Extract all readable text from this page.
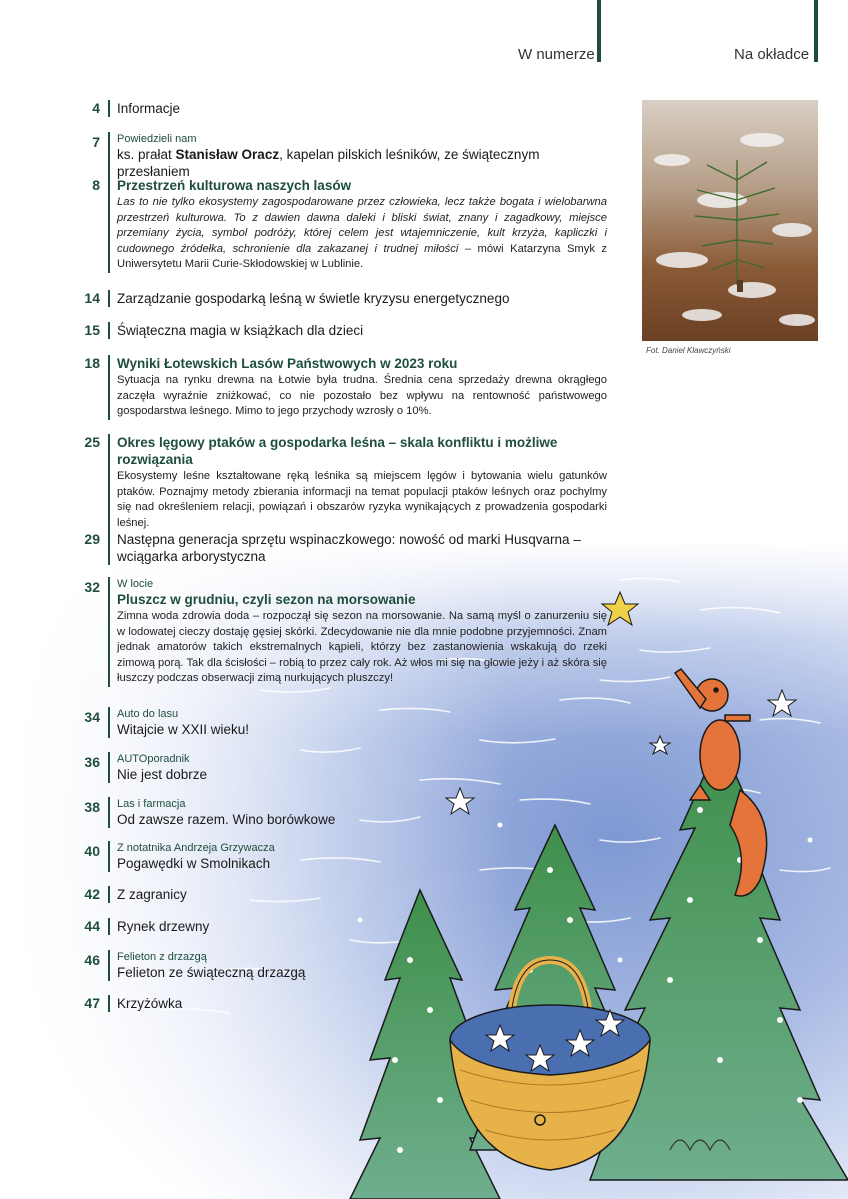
W numerze	Na okładce
Fot. Daniel Klawczyński
4 Informacje
7 Powiedzieli nam
ks. prałat Stanisław Oracz, kapelan pilskich leśników, ze świątecznym przesłaniem
8 Przestrzeń kulturowa naszych lasów
Las to nie tylko ekosystemy zagospodarowane przez człowieka, lecz także bogata i wielobarwna przestrzeń kulturowa. To z dawien dawna daleki i bliski świat, znany i zagadkowy, miejsce przemiany życia, symbol podróży, której celem jest wtajemniczenie, kult krzyża, kapliczki i cudownego źródełka, schronienie dla zakazanej i trudnej miłości – mówi Katarzyna Smyk z Uniwersytetu Marii Curie-Skłodowskiej w Lublinie.
14 Zarządzanie gospodarką leśną w świetle kryzysu energetycznego
15 Świąteczna magia w książkach dla dzieci
18 Wyniki Łotewskich Lasów Państwowych w 2023 roku
Sytuacja na rynku drewna na Łotwie była trudna. Średnia cena sprzedaży drewna okrągłego zaczęła wyraźnie zniżkować, co nie pozostało bez wpływu na rentowność państwowego gospodarstwa leśnego. Mimo to jego przychody wzrosły o 10%.
25 Okres lęgowy ptaków a gospodarka leśna – skala konfliktu i możliwe rozwiązania
Ekosystemy leśne kształtowane ręką leśnika są miejscem lęgów i bytowania wielu gatunków ptaków. Poznajmy metody zbierania informacji na temat populacji ptaków leśnych oraz pochylmy się nad określeniem relacji, powiązań i obszarów ryzyka wynikających z prowadzenia gospodarki leśnej.
29 Następna generacja sprzętu wspinaczkowego: nowość od marki Husqvarna – wciągarka arborystyczna
32 W locie
Pluszcz w grudniu, czyli sezon na morsowanie
Zimna woda zdrowia doda – rozpoczął się sezon na morsowanie. Na samą myśl o zanurzeniu się w lodowatej cieczy dostaję gęsiej skórki. Zdecydowanie nie dla mnie podobne przyjemności. Znam jednak amatorów takich ekstremalnych kąpieli, którzy bez zastanowienia wskakują do rzeki zimową porą. Tak dla ścisłości – robią to przez cały rok. Aż włos mi się na głowie jeży i aż skóra się łuszczy podczas obserwacji zimą nurkujących pluszczy!
34 Auto do lasu
Witajcie w XXII wieku!
36 AUTOporadnik
Nie jest dobrze
38 Las i farmacja
Od zawsze razem. Wino borówkowe
40 Z notatnika Andrzeja Grzywacza
Pogawędki w Smolnikach
42 Z zagranicy
44 Rynek drzewny
46 Felieton z drzazgą
Felieton ze świąteczną drzazgą
47 Krzyżówka
